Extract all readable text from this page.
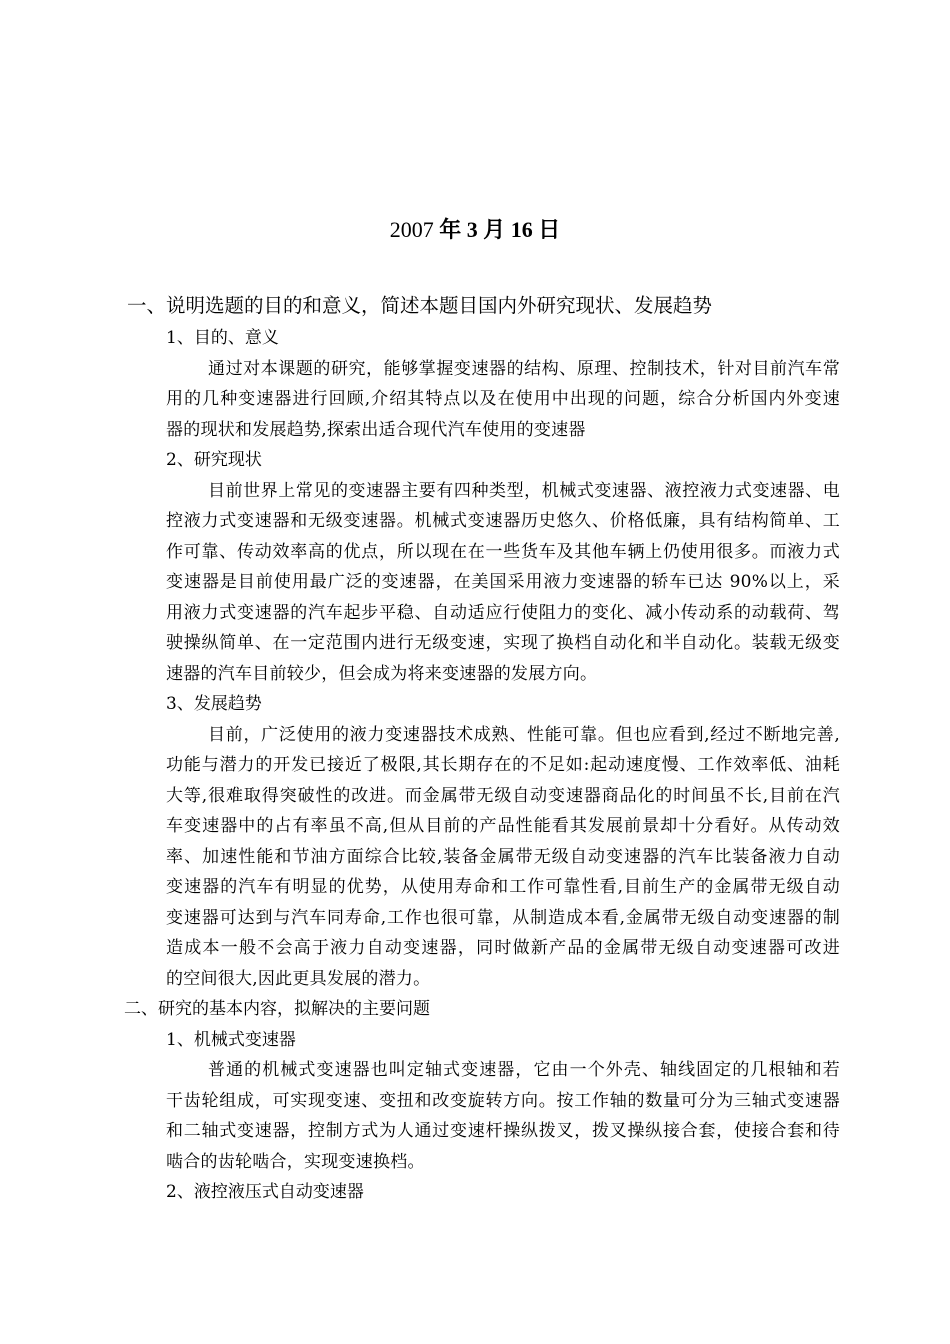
2007 年 3 月 16 日
一、说明选题的目的和意义，简述本题目国内外研究现状、发展趋势
1、目的、意义
通过对本课题的研究，能够掌握变速器的结构、原理、控制技术，针对目前汽车常
用的几种变速器进行回顾,介绍其特点以及在使用中出现的问题，综合分析国内外变速
器的现状和发展趋势,探索出适合现代汽车使用的变速器
2、研究现状
目前世界上常见的变速器主要有四种类型，机械式变速器、液控液力式变速器、电
控液力式变速器和无级变速器。机械式变速器历史悠久、价格低廉，具有结构简单、工
作可靠、传动效率高的优点，所以现在在一些货车及其他车辆上仍使用很多。而液力式
变速器是目前使用最广泛的变速器，在美国采用液力变速器的轿车已达 90%以上，采
用液力式变速器的汽车起步平稳、自动适应行使阻力的变化、减小传动系的动载荷、驾
驶操纵简单、在一定范围内进行无级变速，实现了换档自动化和半自动化。装载无级变
速器的汽车目前较少，但会成为将来变速器的发展方向。
3、发展趋势
目前，广泛使用的液力变速器技术成熟、性能可靠。但也应看到,经过不断地完善,
功能与潜力的开发已接近了极限,其长期存在的不足如:起动速度慢、工作效率低、油耗
大等,很难取得突破性的改进。而金属带无级自动变速器商品化的时间虽不长,目前在汽
车变速器中的占有率虽不高,但从目前的产品性能看其发展前景却十分看好。从传动效
率、加速性能和节油方面综合比较,装备金属带无级自动变速器的汽车比装备液力自动
变速器的汽车有明显的优势，从使用寿命和工作可靠性看,目前生产的金属带无级自动
变速器可达到与汽车同寿命,工作也很可靠，从制造成本看,金属带无级自动变速器的制
造成本一般不会高于液力自动变速器，同时做新产品的金属带无级自动变速器可改进
的空间很大,因此更具发展的潜力。
二、研究的基本内容，拟解决的主要问题
1、机械式变速器
普通的机械式变速器也叫定轴式变速器，它由一个外壳、轴线固定的几根轴和若
干齿轮组成，可实现变速、变扭和改变旋转方向。按工作轴的数量可分为三轴式变速器
和二轴式变速器，控制方式为人通过变速杆操纵拨叉，拨叉操纵接合套，使接合套和待
啮合的齿轮啮合，实现变速换档。
2、液控液压式自动变速器
